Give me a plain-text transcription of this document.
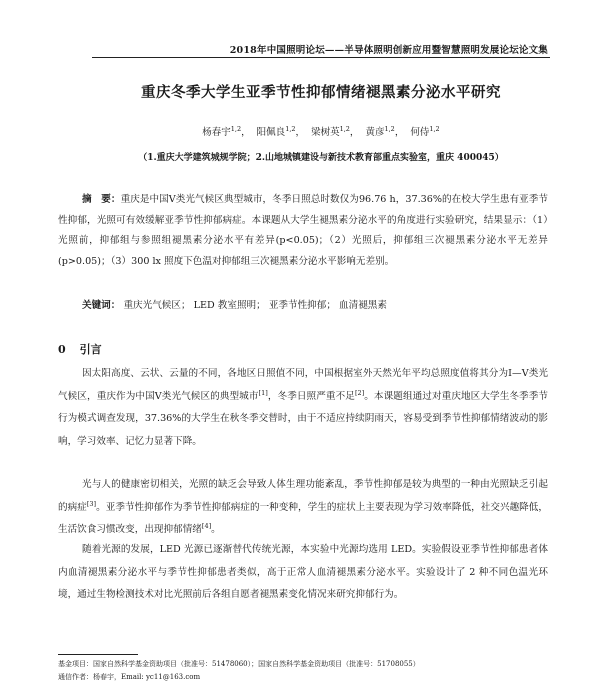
2018年中国照明论坛——半导体照明创新应用暨智慧照明发展论坛论文集
重庆冬季大学生亚季节性抑郁情绪褪黑素分泌水平研究
杨春宇$^{1,2}$， 阳佩良$^{1,2}$， 梁树英$^{1,2}$， 黄彦$^{1,2}$， 何侍$^{1,2}$
（1.重庆大学建筑城规学院；2.山地城镇建设与新技术教育部重点实验室，重庆 400045）

摘　要：重庆是中国Ⅴ类光气候区典型城市，冬季日照总时数仅为96.76 h，37.36%的在校大学生患有亚季节性抑郁，光照可有效缓解亚季节性抑郁病症。本课题从大学生褪黑素分泌水平的角度进行实验研究，结果显示：（1）光照前，抑郁组与参照组褪黑素分泌水平有差异(p<0.05)；（2）光照后，抑郁组三次褪黑素分泌水平无差异(p>0.05)；（3）300 lx 照度下色温对抑郁组三次褪黑素分泌水平影响无差别。

关键词： 重庆光气候区； LED 教室照明； 亚季节性抑郁； 血清褪黑素
0 引言

因太阳高度、云状、云量的不同，各地区日照值不同，中国根据室外天然光年平均总照度值将其分为Ⅰ—Ⅴ类光气候区，重庆作为中国Ⅴ类光气候区的典型城市[1]，冬季日照严重不足[2]。本课题组通过对重庆地区大学生冬季季节行为模式调查发现，37.36%的大学生在秋冬季交替时，由于不适应持续阴雨天，容易受到季节性抑郁情绪波动的影响，学习效率、记忆力显著下降。

光与人的健康密切相关，光照的缺乏会导致人体生理功能紊乱，季节性抑郁是较为典型的一种由光照缺乏引起的病症[3]。亚季节性抑郁作为季节性抑郁病症的一种变种，学生的症状上主要表现为学习效率降低，社交兴趣降低，生活饮食习惯改变，出现抑郁情绪[4]。

随着光源的发展，LED 光源已逐渐替代传统光源，本实验中光源均选用 LED。实验假设亚季节性抑郁患者体内血清褪黑素分泌水平与季节性抑郁患者类似，高于正常人血清褪黑素分泌水平。实验设计了 2 种不同色温光环境，通过生物检测技术对比光照前后各组自愿者褪黑素变化情况来研究抑郁行为。

基金项目：国家自然科学基金资助项目（批准号：51478060）；国家自然科学基金资助项目（批准号：51708055）
通信作者：杨春宇，Email: yc11@163.com
